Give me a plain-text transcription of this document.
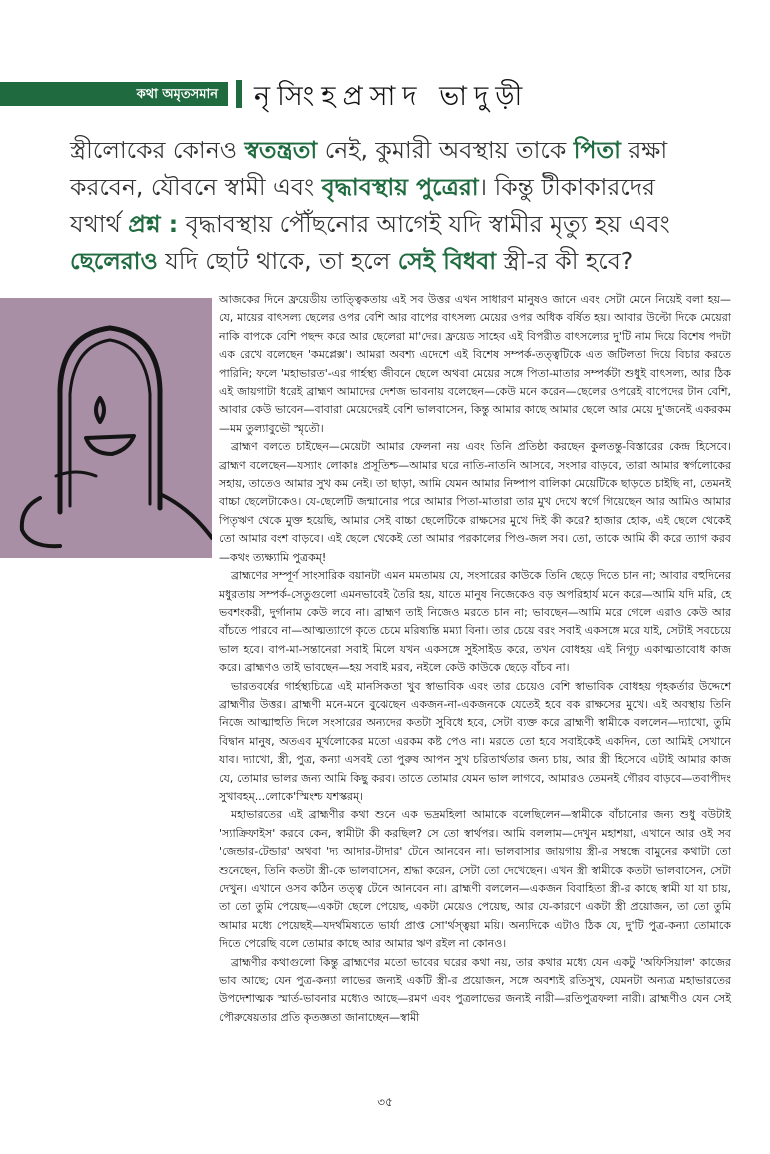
কথা অমৃতসমান নৃসিংহপ্রসাদ ভাদুড়ী
স্ত্রীলোকের কোনও স্বতন্ত্রতা নেই, কুমারী অবস্থায় তাকে পিতা রক্ষা করবেন, যৌবনে স্বামী এবং বৃদ্ধাবস্থায় পুত্রেরা। কিন্তু টীকাকারদের যথার্থ প্রশ্ন : বৃদ্ধাবস্থায় পৌঁছনোর আগেই যদি স্বামীর মৃত্যু হয় এবং ছেলেরাও যদি ছোট থাকে, তা হলে সেই বিধবা স্ত্রী-র কী হবে?

আজকের দিনে ফ্রয়েডীয় তাত্ত্বিকতায় এই সব উত্তর এখন সাধারণ মানুষও জানে এবং সেটা মেনে নিয়েই বলা হয়—যে, মায়ের বাৎসল্য ছেলের ওপর বেশি আর বাপের বাৎসল্য মেয়ের ওপর অধিক বর্ষিত হয়। আবার উল্টো দিকে মেয়েরা নাকি বাপকে বেশি পছন্দ করে আর ছেলেরা মা'দের। ফ্রয়েড সাহেব এই বিপরীত বাৎসল্যের দু'টি নাম দিয়ে বিশেষ পদটা এক রেখে বলেছেন 'কমপ্লেক্স'। আমরা অবশ্য এদেশে এই বিশেষ সম্পর্ক-তত্ত্বটিকে এত জটিলতা দিয়ে বিচার করতে পারিনি; ফলে 'মহাভারত'-এর গার্হস্থ্য জীবনে ছেলে অথবা মেয়ের সঙ্গে পিতা-মাতার সম্পর্কটা শুধুই বাৎসল্য, আর ঠিক এই জায়গাটা ধরেই ব্রাহ্মণ আমাদের দেশজ ভাবনায় বলেছেন—কেউ মনে করেন—ছেলের ওপরেই বাপেদের টান বেশি, আবার কেউ ভাবেন—বাবারা মেয়েদেরই বেশি ভালবাসেন, কিন্তু আমার কাছে আমার ছেলে আর মেয়ে দু'জনেই একরকম—মম তুল্যাবুভৌ স্মৃতৌ।

ব্রাহ্মণ বলতে চাইছেন—মেয়েটা আমার ফেলনা নয় এবং তিনি প্রতিষ্ঠা করছেন কুলতন্তু-বিস্তারের কেন্দ্র হিসেবে। ব্রাহ্মণ বলেছেন—যস্যাং লোকাঃ প্রসূতিশ্চ—আমার ঘরে নাতি-নাতনি আসবে, সংসার বাড়বে, তারা আমার স্বর্গলোকের সহায়, তাতেও আমার সুখ কম নেই। তা ছাড়া, আমি যেমন আমার নিষ্পাপ বালিকা মেয়েটিকে ছাড়তে চাইছি না, তেমনই বাচ্চা ছেলেটাকেও। যে-ছেলেটি জন্মানোর পরে আমার পিতা-মাতারা তার মুখ দেখে স্বর্গে গিয়েছেন আর আমিও আমার পিতৃঋণ থেকে মুক্ত হয়েছি, আমার সেই বাচ্চা ছেলেটিকে রাক্ষসের মুখে দিই কী করে? হাজার হোক, এই ছেলে থেকেই তো আমার বংশ বাড়বে। এই ছেলে থেকেই তো আমার পরকালের পিণ্ড-জল সব। তো, তাকে আমি কী করে ত্যাগ করব—কথং ত্যক্ষ্যামি পুত্রকম্!

ব্রাহ্মণের সম্পূর্ণ সাংসারিক বয়ানটা এমন মমতাময় যে, সংসারের কাউকে তিনি ছেড়ে দিতে চান না; আবার বহুদিনের মধুরতায় সম্পর্ক-সেতুগুলো এমনভাবেই তৈরি হয়, যাতে মানুষ নিজেকেও বড় অপরিহার্য মনে করে—আমি যদি মরি, হে ভবশংকরী, দুর্গানাম কেউ লবে না। ব্রাহ্মণ তাই নিজেও মরতে চান না; ভাবছেন—আমি মরে গেলে এরাও কেউ আর বাঁচতে পারবে না—আত্মত্যাগে কৃতে চেমে মরিষ্যন্তি মম্যা বিনা। তার চেয়ে বরং সবাই একসঙ্গে মরে যাই, সেটাই সবচেয়ে ভাল হবে। বাপ-মা-সন্তানেরা সবাই মিলে যখন একসঙ্গে সুইসাইড করে, তখন বোধহয় এই নিগূঢ় একাত্মতাবোধ কাজ করে। ব্রাহ্মণও তাই ভাবছেন—হয় সবাই মরব, নইলে কেউ কাউকে ছেড়ে বাঁচব না।

ভারতবর্ষের গার্হস্থ্যচিত্রে এই মানসিকতা খুব স্বাভাবিক এবং তার চেয়েও বেশি স্বাভাবিক বোধহয় গৃহকর্তার উদ্দেশে ব্রাহ্মণীর উত্তর। ব্রাহ্মণী মনে-মনে বুঝেছেন একজন-না-একজনকে যেতেই হবে বক রাক্ষসের মুখে। এই অবস্থায় তিনি নিজে আত্মাহুতি দিলে সংসারের অন্যদের কতটা সুবিধে হবে, সেটা ব্যক্ত করে ব্রাহ্মণী স্বামীকে বললেন—দ্যাখো, তুমি বিদ্বান মানুষ, অতএব মূর্খলোকের মতো এরকম কষ্ট পেও না। মরতে তো হবে সবাইকেই একদিন, তো আমিই সেখানে যাব। দ্যাখো, স্ত্রী, পুত্র, কন্যা এসবই তো পুরুষ আপন সুখ চরিতার্থতার জন্য চায়, আর স্ত্রী হিসেবে এটাই আমার কাজ যে, তোমার ভালর জন্য আমি কিছু করব। তাতে তোমার যেমন ভাল লাগবে, আমারও তেমনই গৌরব বাড়বে—তবাপীদং সুখাবহম্...লোকে'স্মিংশ্চ যশস্করম্।

মহাভারতের এই ব্রাহ্মণীর কথা শুনে এক ভদ্রমহিলা আমাকে বলেছিলেন—স্বামীকে বাঁচানোর জন্য শুধু বউটাই 'স্যাক্রিফাইস' করবে কেন, স্বামীটা কী করছিল? সে তো স্বার্থপর। আমি বললাম—দেখুন মহাশয়া, এখানে আর ওই সব 'জেন্ডার-টেন্ডার' অথবা 'দ্য আদার-টাদার' টেনে আনবেন না। ভালবাসার জায়গায় স্ত্রী-র সম্বন্ধে বামুনের কথাটা তো শুনেছেন, তিনি কতটা স্ত্রী-কে ভালবাসেন, শ্রদ্ধা করেন, সেটা তো দেখেছেন। এখন স্ত্রী স্বামীকে কতটা ভালবাসেন, সেটা দেখুন। এখানে ওসব কঠিন তত্ত্ব টেনে আনবেন না। ব্রাহ্মণী বললেন—একজন বিবাহিতা স্ত্রী-র কাছে স্বামী যা যা চায়, তা তো তুমি পেয়েছ—একটা ছেলে পেয়েছ, একটা মেয়েও পেয়েছ, আর যে-কারণে একটা স্ত্রী প্রয়োজন, তা তো তুমি আমার মধ্যে পেয়েছই—যদর্থমিষ্যতে ভার্যা প্রাপ্ত সো'র্থস্ত্বয়া ময়ি। অন্যদিকে এটাও ঠিক যে, দু'টি পুত্র-কন্যা তোমাকে দিতে পেরেছি বলে তোমার কাছে আর আমার ঋণ রইল না কোনও।

ব্রাহ্মণীর কথাগুলো কিন্তু ব্রাহ্মণের মতো ভাবের ঘরের কথা নয়, তার কথার মধ্যে যেন একটু 'অফিসিয়াল' কাজের ভাব আছে; যেন পুত্র-কন্যা লাভের জন্যই একটি স্ত্রী-র প্রয়োজন, সঙ্গে অবশ্যই রতিসুখ, যেমনটা অন্যত্র মহাভারতের উপদেশাত্মক স্মার্ত-ভাবনার মধ্যেও আছে—রমণ এবং পুত্রলাভের জন্যই নারী—রতিপুত্রফলা নারী। ব্রাহ্মণীও যেন সেই পৌরুষেয়তার প্রতি কৃতজ্ঞতা জানাচ্ছেন—স্বামী

৩৫
